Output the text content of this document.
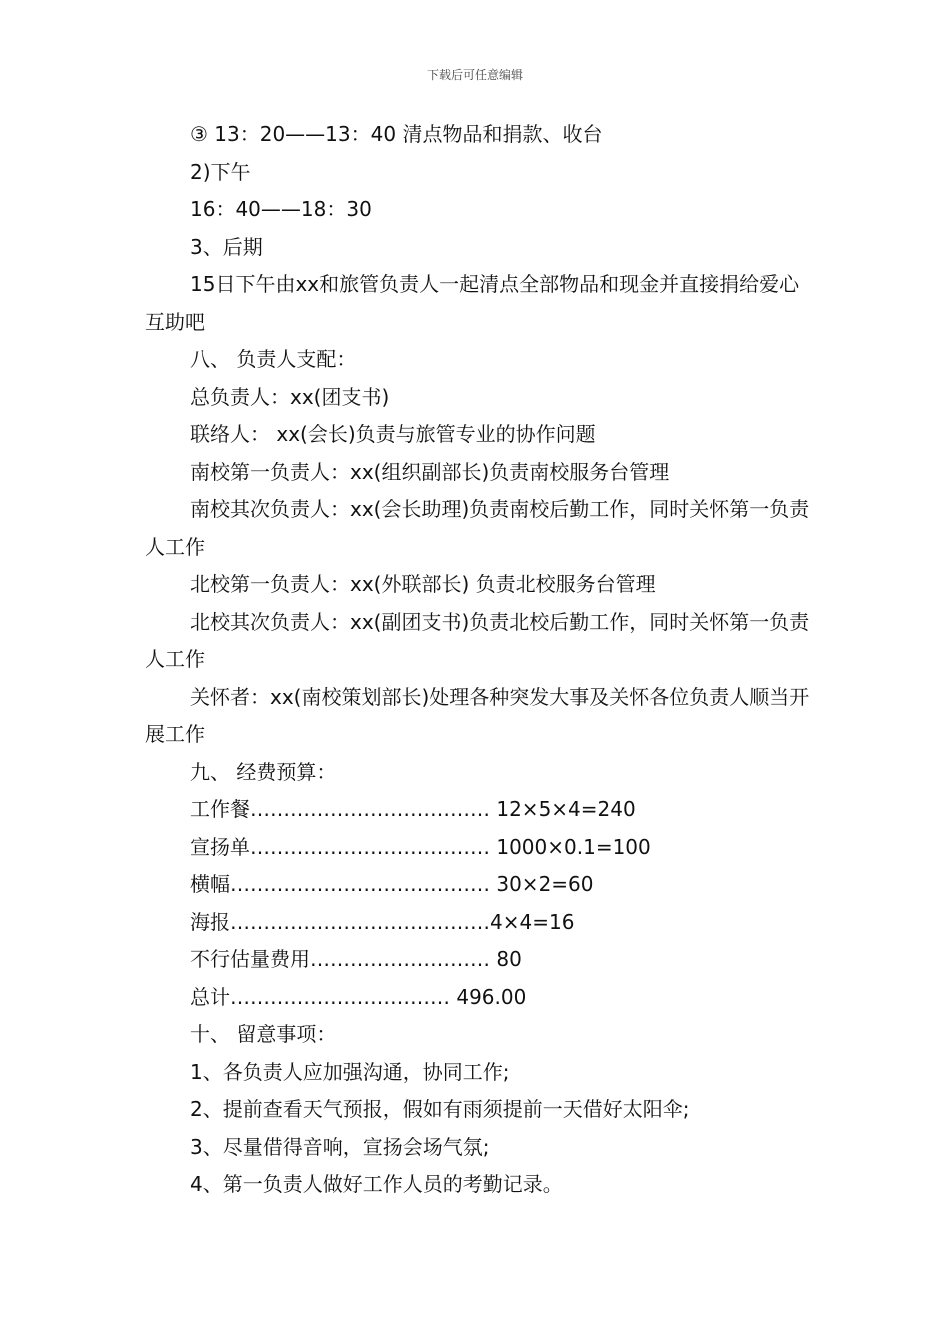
下载后可任意编辑

③ 13：20——13：40 清点物品和捐款、收台

2)下午

16：40——18：30

3、后期

15日下午由xx和旅管负责人一起清点全部物品和现金并直接捐给爱心互助吧

八、 负责人支配：

总负责人：xx(团支书)

联络人： xx(会长)负责与旅管专业的协作问题

南校第一负责人：xx(组织副部长)负责南校服务台管理

南校其次负责人：xx(会长助理)负责南校后勤工作，同时关怀第一负责人工作

北校第一负责人：xx(外联部长) 负责北校服务台管理

北校其次负责人：xx(副团支书)负责北校后勤工作，同时关怀第一负责人工作

关怀者：xx(南校策划部长)处理各种突发大事及关怀各位负责人顺当开展工作

九、 经费预算：

工作餐……………………………… 12×5×4=240

宣扬单……………………………… 1000×0.1=100

横幅………………………………… 30×2=60

海报…………………………………4×4=16

不行估量费用……………………… 80

总计…………………………… 496.00

十、 留意事项：

1、各负责人应加强沟通，协同工作;

2、提前查看天气预报，假如有雨须提前一天借好太阳伞;

3、尽量借得音响，宣扬会场气氛;

4、第一负责人做好工作人员的考勤记录。
